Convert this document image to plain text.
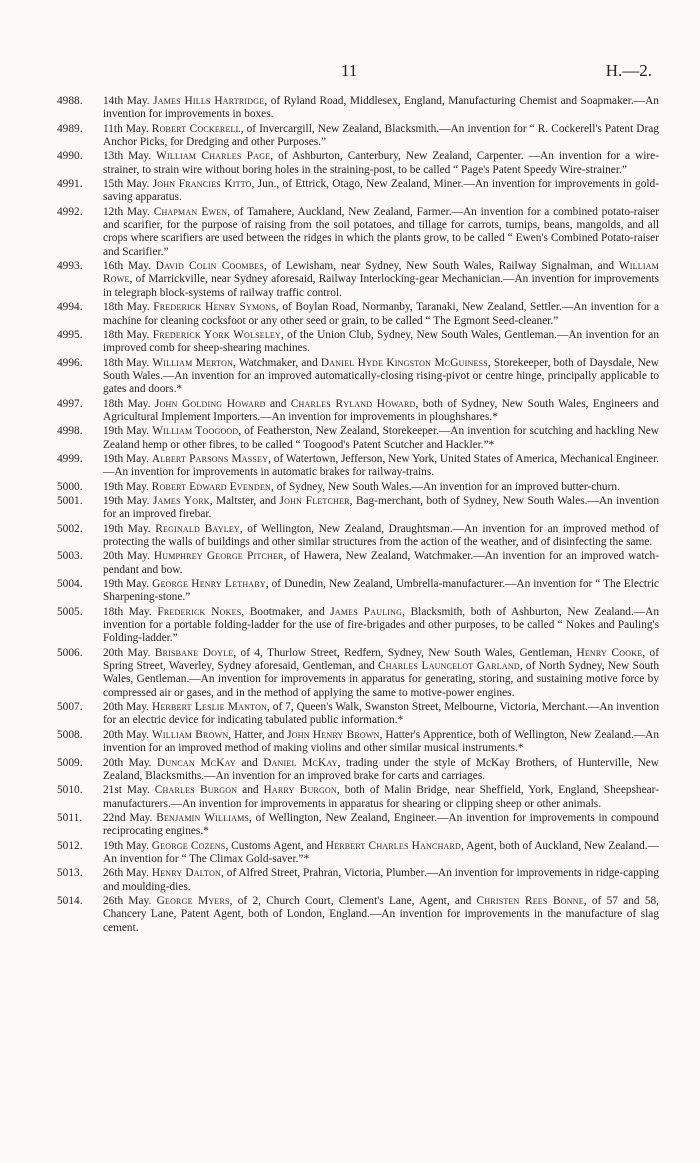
11	H.—2.
4988.	14th May. James Hills Hartridge, of Ryland Road, Middlesex, England, Manufacturing Chemist and Soapmaker.—An invention for improvements in boxes.
4989.	11th May. Robert Cockerell, of Invercargill, New Zealand, Blacksmith.—An invention for “ R. Cockerell's Patent Drag Anchor Picks, for Dredging and other Purposes.”
4990.	13th May. William Charles Page, of Ashburton, Canterbury, New Zealand, Carpenter. —An invention for a wire-strainer, to strain wire without boring holes in the straining-post, to be called “ Page's Patent Speedy Wire-strainer.”
4991.	15th May. John Francies Kitto, Jun., of Ettrick, Otago, New Zealand, Miner.—An invention for improvements in gold-saving apparatus.
4992.	12th May. Chapman Ewen, of Tamahere, Auckland, New Zealand, Farmer.—An invention for a combined potato-raiser and scarifier, for the purpose of raising from the soil potatoes, and tillage for carrots, turnips, beans, mangolds, and all crops where scarifiers are used between the ridges in which the plants grow, to be called “ Ewen's Combined Potato-raiser and Scarifier.”
4993.	16th May. David Colin Coombes, of Lewisham, near Sydney, New South Wales, Railway Signalman, and William Rowe, of Marrickville, near Sydney aforesaid, Railway Interlocking-gear Mechanician.—An invention for improvements in telegraph block-systems of railway traffic control.
4994.	18th May. Frederick Henry Symons, of Boylan Road, Normanby, Taranaki, New Zealand, Settler.—An invention for a machine for cleaning cocksfoot or any other seed or grain, to be called “ The Egmont Seed-cleaner.”
4995.	18th May. Frederick York Wolseley, of the Union Club, Sydney, New South Wales, Gentleman.—An invention for an improved comb for sheep-shearing machines.
4996.	18th May. William Merton, Watchmaker, and Daniel Hyde Kingston McGuiness, Storekeeper, both of Daysdale, New South Wales.—An invention for an improved automatically-closing rising-pivot or centre hinge, principally applicable to gates and doors.*
4997.	18th May. John Golding Howard and Charles Ryland Howard, both of Sydney, New South Wales, Engineers and Agricultural Implement Importers.—An invention for improvements in ploughshares.*
4998.	19th May. William Toogood, of Featherston, New Zealand, Storekeeper.—An invention for scutching and hackling New Zealand hemp or other fibres, to be called “ Toogood's Patent Scutcher and Hackler.”*
4999.	19th May. Albert Parsons Massey, of Watertown, Jefferson, New York, United States of America, Mechanical Engineer.—An invention for improvements in automatic brakes for railway-trains.
5000.	19th May. Robert Edward Evenden, of Sydney, New South Wales.—An invention for an improved butter-churn.
5001.	19th May. James York, Maltster, and John Fletcher, Bag-merchant, both of Sydney, New South Wales.—An invention for an improved firebar.
5002.	19th May. Reginald Bayley, of Wellington, New Zealand, Draughtsman.—An invention for an improved method of protecting the walls of buildings and other similar structures from the action of the weather, and of disinfecting the same.
5003.	20th May. Humphrey George Pitcher, of Hawera, New Zealand, Watchmaker.—An invention for an improved watch-pendant and bow.
5004.	19th May. George Henry Lethaby, of Dunedin, New Zealand, Umbrella-manufacturer.—An invention for “ The Electric Sharpening-stone.”
5005.	18th May. Frederick Nokes, Bootmaker, and James Pauling, Blacksmith, both of Ashburton, New Zealand.—An invention for a portable folding-ladder for the use of fire-brigades and other purposes, to be called “ Nokes and Pauling's Folding-ladder.”
5006.	20th May. Brisbane Doyle, of 4, Thurlow Street, Redfern, Sydney, New South Wales, Gentleman, Henry Cooke, of Spring Street, Waverley, Sydney aforesaid, Gentleman, and Charles Launcelot Garland, of North Sydney, New South Wales, Gentleman.—An invention for improvements in apparatus for generating, storing, and sustaining motive force by compressed air or gases, and in the method of applying the same to motive-power engines.
5007.	20th May. Herbert Leslie Manton, of 7, Queen's Walk, Swanston Street, Melbourne, Victoria, Merchant.—An invention for an electric device for indicating tabulated public information.*
5008.	20th May. William Brown, Hatter, and John Henry Brown, Hatter's Apprentice, both of Wellington, New Zealand.—An invention for an improved method of making violins and other similar musical instruments.*
5009.	20th May. Duncan McKay and Daniel McKay, trading under the style of McKay Brothers, of Hunterville, New Zealand, Blacksmiths.—An invention for an improved brake for carts and carriages.
5010.	21st May. Charles Burgon and Harry Burgon, both of Malin Bridge, near Sheffield, York, England, Sheepshear-manufacturers.—An invention for improvements in apparatus for shearing or clipping sheep or other animals.
5011.	22nd May. Benjamin Williams, of Wellington, New Zealand, Engineer.—An invention for improvements in compound reciprocating engines.*
5012.	19th May. George Cozens, Customs Agent, and Herbert Charles Hanchard, Agent, both of Auckland, New Zealand.—An invention for “ The Climax Gold-saver.”*
5013.	26th May. Henry Dalton, of Alfred Street, Prahran, Victoria, Plumber.—An invention for improvements in ridge-capping and moulding-dies.
5014.	26th May. George Myers, of 2, Church Court, Clement's Lane, Agent, and Christen Rees Bonne, of 57 and 58, Chancery Lane, Patent Agent, both of London, England.—An invention for improvements in the manufacture of slag cement.
